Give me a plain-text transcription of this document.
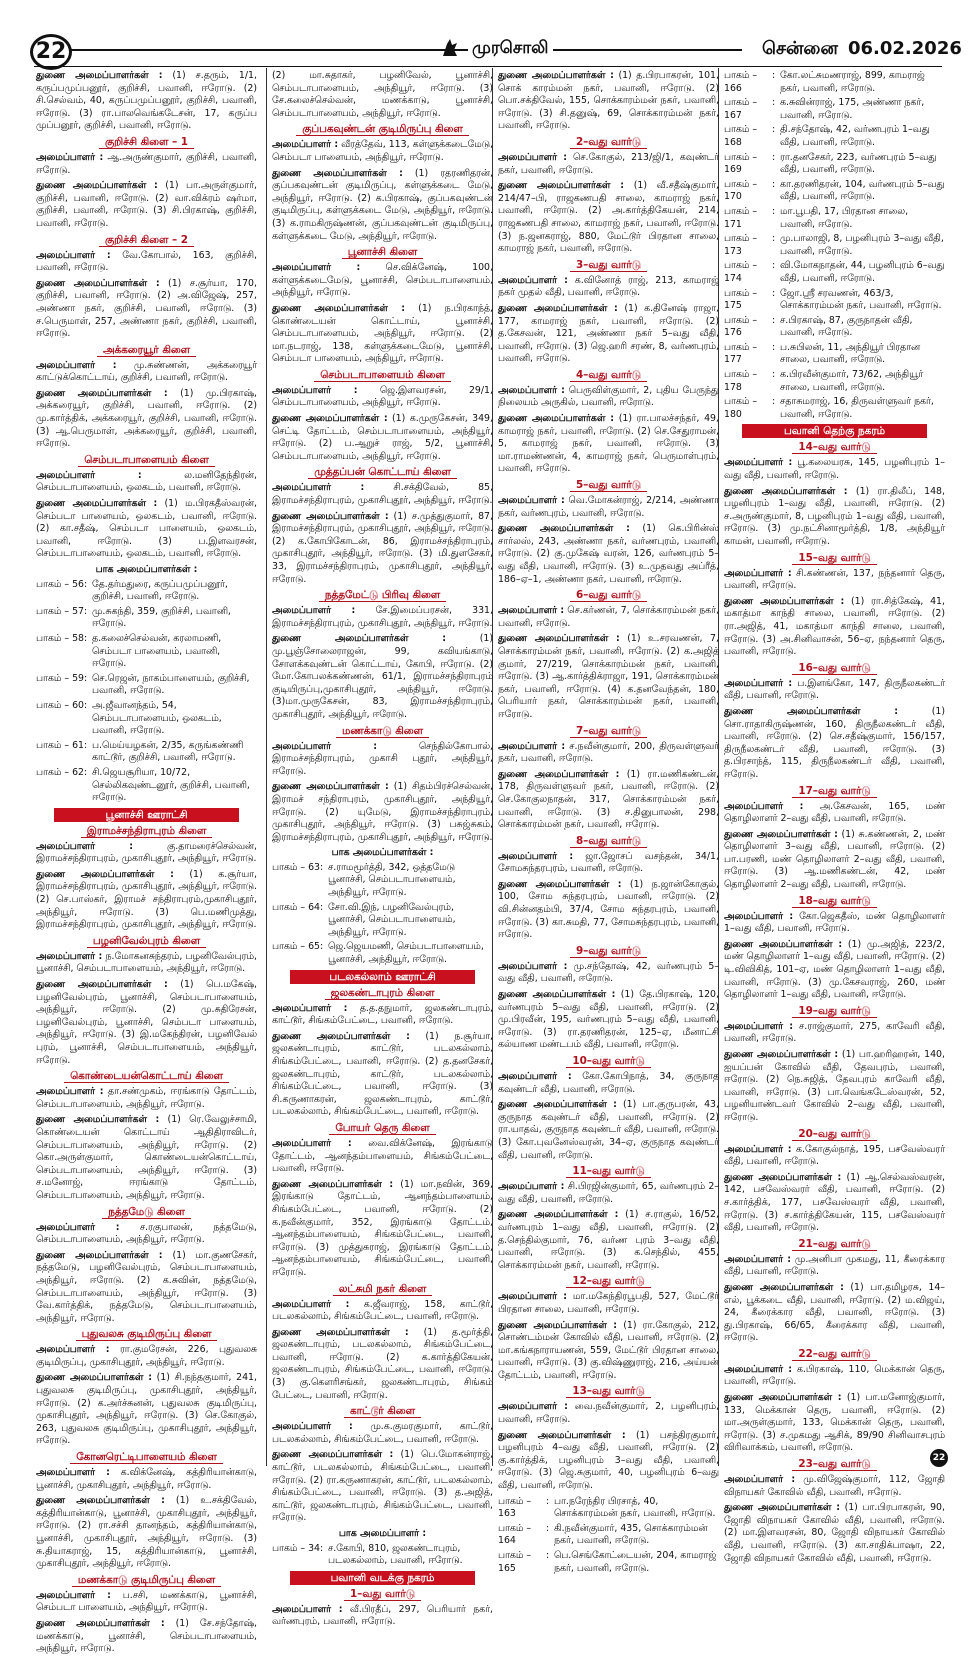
22	முரசொலி	சென்னை 06.02.2026

துணை அமைப்பாளர்கள் : (1) ச.தரும், 1/1, கருப்பமுப்பனூர், குறிச்சி, பவானி, ஈரோடு. (2) சி.செல்வம், 40, கருப்பமுப்பனூர், குறிச்சி, பவானி, ஈரோடு. (3) ரா.பாலவெங்கடேசன், 17, கருப்ப முப்பனூர், குறிச்சி, பவானி, ஈரோடு.

குறிச்சி கிளை – 1

அமைப்பாளர் : ஆ.அருண்குமார், குறிச்சி, பவானி, ஈரோடு.

துணை அமைப்பாளர்கள் : (1) பா.அருள்குமார், குறிச்சி, பவானி, ஈரோடு. (2) வா.விக்ரம் ஷர்மா, குறிச்சி, பவானி, ஈரோடு. (3) சி.பிரகாஷ், குறிச்சி, பவானி, ஈரோடு.

குறிச்சி கிளை – 2

அமைப்பாளர் : வே.கோபால், 163, குறிச்சி, பவானி, ஈரோடு.

துணை அமைப்பாளர்கள் : (1) ச.சூர்யா, 170, குறிச்சி, பவானி, ஈரோடு. (2) அ.விஜேஷ், 257, அண்ணா நகர், குறிச்சி, பவானி, ஈரோடு. (3) ச.பெருமாள், 257, அண்ணா நகர், குறிச்சி, பவானி, ஈரோடு.

அக்கரையூர் கிளை

அமைப்பாளர் : மு.சுண்ணன், அக்கரையூர் காட்டுக்கொட்டாய், குறிச்சி, பவானி, ஈரோடு.

துணை அமைப்பாளர்கள் : (1) மு.பிரகாஷ், அக்கரையூர், குறிச்சி, பவானி, ஈரோடு. (2) மு.கார்த்திக், அக்கரையூர், குறிச்சி, பவானி, ஈரோடு. (3) ஆ.பெருமாள், அக்கரையூர், குறிச்சி, பவானி, ஈரோடு.

செம்படாபாளையம் கிளை

அமைப்பாளர் :	ல.மனிதேந்திரன், செம்படாபாளையம், ஒலகடம், பவானி, ஈரோடு.

துணை அமைப்பாளர்கள் : (1) ம.பிரகதீஸ்வரன், செம்படா பாளையம், ஒலகடம், பவானி, ஈரோடு. (2) கா.சதீஷ், செம்படா பாளையம், ஒலகடம், பவானி, ஈரோடு. (3) ப.இளவரசன், செம்படாபாளையம், ஒலகடம், பவானி, ஈரோடு.

பாக அமைப்பாளர்கள் :
பாகம் – 56 : தே.தர்மதுரை, கருப்பமுப்பனூர், குறிச்சி, பவானி, ஈரோடு.
பாகம் – 57 : மு.சுகந்தி, 359, குறிச்சி, பவானி, ஈரோடு.
பாகம் – 58 : த.கலைச்செல்வன், கரலாமணி, செம்படா பாளையம், பவானி, ஈரோடு.
பாகம் – 59 : செ.ரெஜன், நாகம்பாளையம், குறிச்சி, பவானி, ஈரோடு.
பாகம் – 60 : அ.ஜீவானந்தம், 54, செம்படாபாளையம், ஒலகடம், பவானி, ஈரோடு.
பாகம் – 61 : ப.மெய்யழகன், 2/35, கருங்கண்ணி காட்டூர், குறிச்சி, பவானி, ஈரோடு.
பாகம் – 62 : சி.ஜெயசூரியா, 10/72, செல்லிகவுண்டனூர், குறிச்சி, பவானி, ஈரோடு.
பூனாச்சி ஊராட்சி
இராமச்சந்திராபுரம் கிளை

அமைப்பாளர் :	கு.தாமரைச்செல்வன், இராமச்சந்திராபுரம், முகாசிபுதூர், அந்தியூர், ஈரோடு.

துணை அமைப்பாளர்கள் : (1) க.சூர்யா, இராமச்சந்திராபுரம், முகாசிபுதூர், அந்தியூர், ஈரோடு. (2) செ.பாஸ்கர், இராமச் சந்திராபுரம்,முகாசிபுதூர், அந்தியூர், ஈரோடு. (3) பெ.மணிமுத்து, இராமச்சந்திராபுரம், முகாசிபுதூர், அந்தியூர், ஈரோடு.

பழனிவேல்புரம் கிளை

அமைப்பாளர் : ந.மோகனசுந்தரம், பழனிவேல்புரம், பூனாச்சி, செம்படாபாளையம், அந்தியூர், ஈரோடு.

துணை அமைப்பாளர்கள் : (1) பெ.மகேஷ், பழனிவேல்புரம், பூனாச்சி, செம்படாபாளையம், அந்தியூர், ஈரோடு. (2) மு.சுதிரேசன், பழனிவேல்புரம், பூனாச்சி, செம்படா பாளையம், அந்தியூர், ஈரோடு. (3) இ.மகேந்திரன், பழனிவேல் புரம், பூனாச்சி, செம்படாபாளையம், அந்தியூர், ஈரோடு.

கொண்டையன்கொட்டாய் கிளை

அமைப்பாளர் : தா.சண்முகம், ஈரங்காடு தோட்டம், செம்படாபாளையம், அந்தியூர், ஈரோடு.

துணை அமைப்பாளர்கள் : (1) ரெ.வேலுச்சாமி, கொண்டையன் கொட்டாய் ஆதிதிராவிடர், செம்படாபாளையம், அந்தியூர், ஈரோடு. (2) கொ.அருள்குமார், கொண்டையன்கொட்டாய், செம்படாபாளையம், அந்தியூர், ஈரோடு. (3) ச.மனோஜ், ஈரங்காடு தோட்டம், செம்படாபாளையம், அந்தியூர், ஈரோடு.

நத்தமேடு கிளை

அமைப்பாளர் : ச.ரகுபாலன், நத்தமேடு, செம்படாபாளையம், அந்தியூர், ஈரோடு.

துணை அமைப்பாளர்கள் : (1) மா.குணசேகர், நத்தமேடு, பழனிவேல்புரம், செம்படாபாளையம், அந்தியூர், ஈரோடு. (2) க.சுவின், நத்தமேடு, செம்படாபாளையம், அந்தியூர், ஈரோடு. (3) வே.கார்த்திக், நத்தமேடு, செம்படாபாளையம், அந்தியூர், ஈரோடு.

புதுவலசு குடிமிருப்பு கிளை

அமைப்பாளர் : ரா.குமரேசன், 226, புதுவலசு குடிமிருப்பு, முகாசிபுதூர், அந்தியூர், ஈரோடு.

துணை அமைப்பாளர்கள் : (1) சி.நந்தகுமார், 241, புதுவலசு குடிமிருப்பு, முகாசிபுதூர், அந்தியூர், ஈரோடு. (2) க.அர்ச்சுனன், புதுவலசு குடிமிருப்பு, முகாசிபுதூர், அந்தியூர், ஈரோடு. (3) செ.கோகுல், 263, புதுவலசு குடிமிருப்பு, முகாசிபுதூர், அந்தியூர், ஈரோடு.

கோனரெட்டிபாளையம் கிளை

அமைப்பாளர் : க.விக்னேஷ், கத்திரியான்காடு, பூனாச்சி, முகாசிபுதூர், அந்தியூர், ஈரோடு.

துணை அமைப்பாளர்கள் : (1) உ.சக்திவேல், கத்திரியான்காடு, பூனாச்சி, முகாசிபுதூர், அந்தியூர், ஈரோடு. (2) ரா.சச்சி தானந்தம், கத்திரியான்காடு, பூனாச்சி, முகாசிபுதூர், அந்தியூர், ஈரோடு. (3) சு.தியாகராஜ், 15, கத்திரியான்காடு, பூனாச்சி, முகாசிபுதூர், அந்தியூர், ஈரோடு.

மணக்காடு குடிமிருப்பு கிளை

அமைப்பாளர் : ப.சசி, மணக்காடு, பூனாச்சி, செம்படா பாளையம், அந்தியூர், ஈரோடு.

துணை அமைப்பாளர்கள் : (1) சே.சந்தோஷ், மணக்காடு, பூனாச்சி, செம்படாபாளையம், அந்தியூர், ஈரோடு.

(2) மா.சுதாகர், பழனிவேல், பூனாச்சி, செம்படாபாளையம், அந்தியூர், ஈரோடு. (3) சே.கலைச்செல்வன், மணக்காடு, பூனாச்சி, செம்படாபாளையம், அந்தியூர், ஈரோடு.

குப்பகவுண்டன் குடிமிருப்பு கிளை

அமைப்பாளர் : வீரத்தேவ், 113, கள்ளுக்கடைமேடு, செம்படா பாளையம், அந்தியூர், ஈரோடு.

துணை அமைப்பாளர்கள் : (1) ரதரணிதரன், குப்பகவுண்டன் குடிமிருப்பு, கள்ளுக்கடை மேடு, அந்தியூர், ஈரோடு. (2) க.பிரகாஷ், குப்பகவுண்டன் குடிமிருப்பு, கள்ளுக்கடை மேடு, அந்தியூர், ஈரோடு. (3) க.ராமகிருஷ்ணன், குப்பகவுண்டன் குடிமிருப்பு, கள்ளுக்கடை மேடு, அந்தியூர், ஈரோடு.

பூனாச்சி கிளை

அமைப்பாளர் :	செ.விக்னேஷ், 100, கள்ளுக்கடைமேடு, பூனாச்சி, செம்படாபாளையம், அந்தியூர், ஈரோடு.

துணை அமைப்பாளர்கள் : (1) ந.பிரகாந்த், கொண்டையன் கொட்டாய், பூனாச்சி, செம்படாபாளையம், அந்தியூர், ஈரோடு. (2) மா.நடராஜ், 138, கள்ளுக்கடைமேடு, பூனாச்சி, செம்படா பாளையம், அந்தியூர், ஈரோடு.

செம்படாபாளையம் கிளை

அமைப்பாளர் : ஜெ.இளவரசன், 29/1, செம்படாபாளையம், அந்தியூர், ஈரோடு.

துணை அமைப்பாளர்கள் : (1) க.முருகேசன், 349, செட்டி தோட்டம், செம்படாபாளையம், அந்தியூர், ஈரோடு. (2) ப.ஆறுச் ராஜ், 5/2, பூனாச்சி, செம்படாபாளையம், அந்தியூர், ஈரோடு.

முத்தப்பன் கொட்டாய் கிளை

அமைப்பாளர் :	சி.சக்திவேல், 85, இராமச்சந்திராபுரம், முகாசிபுதூர், அந்தியூர், ஈரோடு.

துணை அமைப்பாளர்கள் : (1) ச.முத்துகுமார், 87, இராமச்சந்திராபுரம், முகாசிபுதூர், அந்தியூர், ஈரோடு. (2) க.கோபிகோடன், 86, இராமச்சந்திராபுரம், முகாசிபுதூர், அந்தியூர், ஈரோடு. (3) மி.துளசேகர், 33, இராமச்சந்திராபுரம், முகாசிபுதூர், அந்தியூர், ஈரோடு.

நத்தமேட்டு பிரிவு கிளை

அமைப்பாளர் : சே.இமைப்பரசன், 331, இராமச்சந்திராபுரம், முகாசிபுதூர், அந்தியூர், ஈரோடு.

துணை அமைப்பாளர்கள் :	(1) மு.பூஞ்சோலைராஜன், 99, கவியங்காடு, சோளக்கவுண்டன் கொட்டாய், கோபி, ஈரோடு. (2) மோ.கோபலக்கண்ணன், 61/1, இராமச்சந்திராபுரம் குடியிருப்பு,முகாசிபுதூர், அந்தியூர், ஈரோடு. (3)மா.முருகேசன், 83, இராமச்சந்திராபுரம், முகாசிபுதூர், அந்தியூர், ஈரோடு.

மணக்காடு கிளை

அமைப்பாளர் :	செந்தில்கோபால், இராமச்சந்திராபுரம், முகாசி புதூர், அந்தியூர், ஈரோடு.

துணை அமைப்பாளர்கள் : (1) சிதம்பிரச்செல்வன், இராமச் சந்திராபுரம், முகாசிபுதூர், அந்தியூர், ஈரோடு. (2) யுமேடு, இராமச்சந்திராபுரம், முகாசிபுதூர், அந்தியூர், ஈரோடு. (3) பசுஜ்சுகம், இராமச்சந்திராபுரம், முகாசிபுதூர், அந்தியூர், ஈரோடு.

பாக அமைப்பாளர்கள் :
பாகம் – 63 : ச.ராமமூர்த்தி, 342, ஒத்தமேடு பூனாச்சி, செம்படாபாளையம், அந்தியூர், ஈரோடு.
பாகம் – 64 : சோ.வி.இந், பழனிவேல்புரம், பூனாச்சி, செம்படாபாளையம், அந்தியூர், ஈரோடு.
பாகம் – 65 : ஜெ.ஜெயமணி, செம்படாபாளையம், பூனாச்சி, அந்தியூர், ஈரோடு.
படலகல்லாம் ஊராட்சி
ஜலகண்டாபுரம் கிளை

அமைப்பாளர் : த.த.தநுமார், ஜலகண்டாபுரம், காட்டூர், சிங்கம்பேட்டை, பவானி, ஈரோடு.

துணை அமைப்பாளர்கள் : (1) ந.சூர்யா, ஜலகண்டாபுரம், காட்டூர், படலகல்லாம், சிங்கம்பேட்டை, பவானி, ஈரோடு. (2) த.தனசேகர், ஜலகண்டாபுரம், காட்டூர், படலகல்லாம், சிங்கம்பேட்டை, பவானி, ஈரோடு. (3) சி.கருணாகரன், ஜலகண்டாபுரம், காட்டூர், படலகல்லாம், சிங்கம்பேட்டை, பவானி, ஈரோடு.

போயர் தெரு கிளை

அமைப்பாளர் : வை.விக்னேஷ், இரங்காடு தோட்டம், ஆனந்தம்பாளையம், சிங்கம்பேட்டை, பவானி, ஈரோடு.

துணை அமைப்பாளர்கள் : (1) மா.நவின், 369, இரங்காடு தோட்டம், ஆனந்தம்பாளையம், சிங்கம்பேட்டை, பவானி, ஈரோடு. (2) க.நவீன்குமார், 352, இரங்காடு தோட்டம், ஆனந்தம்பாளையம், சிங்கம்பேட்டை, பவானி, ஈரோடு. (3) முத்துசுராஜ், இரங்காடு தோட்டம், ஆனந்தம்பாளையம், சிங்கம்பேட்டை, பவானி, ஈரோடு.

லட்சுமி நகர் கிளை

அமைப்பாளர் : க.ஜீவராஜ், 158, காட்டூர், படலகல்லாம், சிங்கம்பேட்டை, பவானி, ஈரோடு.

துணை அமைப்பாளர்கள் : (1) த.மூர்த்தி, ஜலகண்டாபுரம், படலகல்லாம், சிங்கம்பேட்டை, பவானி, ஈரோடு. (2) க.கார்த்திகேயன், ஜலகண்டாபுரம், சிங்கம்பேட்டை, பவானி, ஈரோடு. (3) கு.கௌரிசங்கர், ஜலகண்டாபுரம், சிங்கம் பேட்டை, பவானி, ஈரோடு.

காட்டூர் கிளை

அமைப்பாளர் : மு.க.குமரகுமார், காட்டூர், படலகல்லாம், சிங்கம்பேட்டை, பவானி, ஈரோடு.

துணை அமைப்பாளர்கள் : (1) பெ.மோகன்ராஜ், காட்டூர், படலகல்லாம், சிங்கம்பேட்டை, பவானி, ஈரோடு. (2) ரா.கருணாகரன், காட்டூர், படலகல்லாம், சிங்கம்பேட்டை, பவானி, ஈரோடு. (3) த.அஜித், காட்டூர், ஜலகண்டாபுரம், சிங்கம்பேட்டை, பவானி, ஈரோடு.

பாக அமைப்பாளர் :
பாகம் – 34 : ச.கோபி, 810, ஜலகண்டாபுரம், படலகல்லாம், பவானி, ஈரோடு.
பவானி வடக்கு நகரம்
1–வது வார்டு

அமைப்பாளர் : வீ.பிரதீப், 297, பெரியார் நகர், வர்ணபுரம், பவானி, ஈரோடு.

துணை அமைப்பாளர்கள் : (1) த.பிரபாகரன், 101, சொக் காரம்மன் நகர், பவானி, ஈரோடு. (2) பொ.சக்திவேல், 155, சொக்காரம்மன் நகர், பவானி, ஈரோடு. (3) சி.தனுஷ், 69, சொக்காரம்மன் நகர், பவானி, ஈரோடு.

2–வது வார்டு

அமைப்பாளர் : செ.கோகுல், 213/ஜி/1, கவுண்டர் நகர், பவானி, ஈரோடு.

துணை அமைப்பாளர்கள் : (1) வீ.சதீஷ்குமார், 214/47–பி, ராஜகணபதி சாலை, காமராஜ் நகர், பவானி, ஈரோடு. (2) அ.கார்த்திகேயன், 214, ராஜகணபதி சாலை, காமராஜ் நகர், பவானி, ஈரோடு. (3) ந.ஜனகராஜ், 880, மேட்டூர் பிரதான சாலை, காமராஜ் நகர், பவானி, ஈரோடு.

3–வது வார்டு

அமைப்பாளர் : க.வினோத் ராஜ், 213, காமராஜ் நகர் முதல் வீதி, பவானி, ஈரோடு.

துணை அமைப்பாளர்கள் : (1) க.தினேஷ் ராஜா, 177, காமராஜ் நகர், பவானி, ஈரோடு. (2) த.கேசவன், 121, அண்ணா நகர் 5–வது வீதி, பவானி, ஈரோடு. (3) ஜெ.ஹரி சரண், 8, வர்ணபுரம், பவானி, ஈரோடு.

4–வது வார்டு

அமைப்பாளர் : பெருவிள்குமார், 2, புதிய பேருந்து நிலையம் அருகில், பவானி, ஈரோடு.

துணை அமைப்பாளர்கள் : (1) ரா.பாலச்சந்தர், 49, காமராஜ் நகர், பவானி, ஈரோடு. (2) செ.சேதுராமன், 5, காமராஜ் நகர், பவானி, ஈரோடு. (3) மா.ராமண்ணன், 4, காமராஜ் நகர், பெருமாள்புரம், பவானி, ஈரோடு.

5–வது வார்டு

அமைப்பாளர் : வெ.மோகன்ராஜ், 2/214, அண்ணா நகர், வர்ணபுரம், பவானி, ஈரோடு.

துணை அமைப்பாளர்கள் : (1) கெ.பிரின்ஸ் சார்லஸ், 243, அண்ணா நகர், வர்ணபுரம், பவானி, ஈரோடு. (2) கு.முகேஷ் வரன், 126, வர்ணபுரம் 5–வது வீதி, பவானி, ஈரோடு. (3) உ.முதவது அப்ரீத், 186–ஏ–1, அண்ணா நகர், பவானி, ஈரோடு.

6–வது வார்டு

அமைப்பாளர் : செ.கர்ணன், 7, சொக்காரம்மன் நகர், பவானி, ஈரோடு.

துணை அமைப்பாளர்கள் : (1) உ.சரவணன், 7, சொக்காரம்மன் நகர், பவானி, ஈரோடு. (2) க.அஜித் குமார், 27/219, சொக்காரம்மன் நகர், பவானி, ஈரோடு. (3) ஆ.கார்த்திக்ராஜா, 191, சொக்காரம்மன் நகர், பவானி, ஈரோடு. (4) க.தனவேந்தன், 180, பெரியார் நகர், சொக்காரம்மன் நகர், பவானி, ஈரோடு.

7–வது வார்டு

அமைப்பாளர் : ச.நவீன்குமார், 200, திருவள்ளுவர் நகர், பவானி, ஈரோடு.

துணை அமைப்பாளர்கள் : (1) ரா.மணிகண்டன், 178, திருவள்ளுவர் நகர், பவானி, ஈரோடு. (2) செ.கோகுலநாதன், 317, சொக்காரம்மன் நகர், பவானி, ஈரோடு. (3) ச.தினுபாலன், 298, சொக்காரம்மன் நகர், பவானி, ஈரோடு.

8–வது வார்டு

அமைப்பாளர் : ஜா.ஜோசப் வசந்தன், 34/1, சோமசுந்தரபுரம், பவானி, ஈரோடு.

துணை அமைப்பாளர்கள் : (1) ந.ஜான்கோகுல், 100, சோம சுந்தரபுரம், பவானி, ஈரோடு. (2) வி.சின்னதம்பி, 37/4, சோம சுந்தரபுரம், பவானி, ஈரோடு. (3) கா.சுமதி, 77, சோமசுந்தரபுரம், பவானி, ஈரோடு.

9–வது வார்டு

அமைப்பாளர் : மு.சந்தோஷ், 42, வர்ணபுரம் 5–வது வீதி, பவானி, ஈரோடு.

துணை அமைப்பாளர்கள் : (1) தே.பிரகாஷ், 120, வர்ணபுரம் 5–வது வீதி, பவானி, ஈரோடு. (2) மு.பிரவீன், 195, வர்ணபுரம் 5–வது வீதி, பவானி, ஈரோடு. (3) ரா.தரணிதரன், 125–ஏ, மீனாட்சி கல்யாண மண்டபம் வீதி, பவானி, ஈரோடு.

10–வது வார்டு

அமைப்பாளர் : கோ.கோபிநாத், 34, குருநாத கவுண்டர் வீதி, பவானி, ஈரோடு.

துணை அமைப்பாளர்கள் : (1) பா.குருபரன், 43, குருநாத கவுண்டர் வீதி, பவானி, ஈரோடு. (2) ரா.யாதவ், குருநாத கவுண்டர் வீதி, பவானி, ஈரோடு. (3) கோ.புவனேஸ்வரன், 34–ஏ, குருநாத கவுண்டர் வீதி, பவானி, ஈரோடு.

11–வது வார்டு

அமைப்பாளர் : சி.பிரஜின்குமார், 65, வர்ணபுரம் 2–வது வீதி, பவானி, ஈரோடு.

துணை அமைப்பாளர்கள் : (1) ச.ராகுல், 16/52, வர்ணபுரம் 1–வது வீதி, பவானி, ஈரோடு. (2) த.செந்தில்குமார், 76, வர்ண புரம் 3–வது வீதி, பவானி, ஈரோடு. (3) க.செந்தில், 455, சொக்காரம்மன் நகர், பவானி, ஈரோடு.

12–வது வார்டு

அமைப்பாளர் : மா.மகேந்திரபூபதி, 527, மேட்டூர் பிரதான சாலை, பவானி, ஈரோடு.

துணை அமைப்பாளர்கள் : (1) ரா.கோகுல், 212, சொண்டம்மன் கோவில் வீதி, பவானி, ஈரோடு. (2) மா.கங்கநாராயணன், 559, மேட்டூர் பிரதான சாலை, பவானி, ஈரோடு. (3) கு.விஷ்ணுராஜ், 216, அய்யன் தோட்டம், பவானி, ஈரோடு.

13–வது வார்டு

அமைப்பாளர் : வை.நவீன்குமார், 2, பழனிபுரம், பவானி, ஈரோடு.

துணை அமைப்பாளர்கள் : (1) பசந்திரகுமார், பழனிபுரம் 4–வது வீதி, பவானி, ஈரோடு. (2) கு.கார்த்திக், பழனிபுரம் 3–வது வீதி, பவானி, ஈரோடு. (3) ஜெ.சுகுமார், 40, பழனிபுரம் 6–வது வீதி, பவானி, ஈரோடு.

பாகம் – 163
: பா.நரேந்திர பிரசாத், 40, சொக்காரம்மன் நகர், பவானி, ஈரோடு.
பாகம் – 164
: கி.நவீன்குமார், 435, சொக்காரம்மன் நகர், பவானி, ஈரோடு.
பாகம் – 165
: பெ.செங்கோட்டையன், 204, காமராஜ் நகர், பவானி, ஈரோடு.
பாகம் – 166
: கோ.லட்சுமணராஜ், 899, காமராஜ் நகர், பவானி, ஈரோடு.
பாகம் – 167
: க.சுவின்ராஜ், 175, அண்ணா நகர், பவானி, ஈரோடு.
பாகம் – 168
: தி.சந்தோஷ், 42, வர்ணபுரம் 1–வது வீதி, பவானி, ஈரோடு.
பாகம் – 169
: ரா.தனசேகர், 223, வர்ணபுரம் 5–வது வீதி, பவானி, ஈரோடு.
பாகம் – 170
: கா.தரணிதரன், 104, வர்ணபுரம் 5–வது வீதி, பவானி, ஈரோடு.
பாகம் – 171
: மா.பூபதி, 17, பிரதான சாலை, பவானி, ஈரோடு.
பாகம் – 173
: மு.பாலாஜி, 8, பழனிபுரம் 3–வது வீதி, பவானி, ஈரோடு.
பாகம் – 174
: வி.மோகநாதன், 44, பழனிபுரம் 6–வது வீதி, பவானி, ஈரோடு.
பாகம் – 175
: ஜோ.ஸ்ரீ சரவணன், 463/3, சொக்காரம்மன் நகர், பவானி, ஈரோடு.
பாகம் – 176
: ச.பிரகாஷ், 87, குருநாதன் வீதி, பவானி, ஈரோடு.
பாகம் – 177
: ப.சுபிலன், 11, அந்தியூர் பிரதான சாலை, பவானி, ஈரோடு.
பாகம் – 178
: க.பிரவீன்குமார், 73/62, அந்தியூர் சாலை, பவானி, ஈரோடு.
பாகம் – 180
: சதாசுமராஜ், 16, திருவள்ளுவர் நகர், பவானி, ஈரோடு.
பவானி தெற்கு நகரம்
14–வது வார்டு

அமைப்பாளர் : பூ.கலையரசு, 145, பழனிபுரம் 1–வது வீதி, பவானி, ஈரோடு.

துணை அமைப்பாளர்கள் : (1) ரா.திலீப், 148, பழனிபுரம் 1–வது வீதி, பவானி, ஈரோடு. (2) ச.அருண்குமார், 8, பழனிபுரம் 1–வது வீதி, பவானி, ஈரோடு. (3) மு.நட்சினாமூர்த்தி, 1/8, அந்தியூர் காமன், பவானி, ஈரோடு.

15–வது வார்டு

அமைப்பாளர் : சி.கண்ணன், 137, நந்தனார் தெரு, பவானி, ஈரோடு.

துணை அமைப்பாளர்கள் : (1) ரா.சித்கேஷ், 41, மகாத்மா காந்தி சாலை, பவானி, ஈரோடு. (2) ரா.அஜித், 41, மகாத்மா காந்தி சாலை, பவானி, ஈரோடு. (3) அ.சினிவாசன், 56–ஏ, நந்தனார் தெரு, பவானி, ஈரோடு.

16–வது வார்டு

அமைப்பாளர் : ப.இளங்கோ, 147, திருநீலகண்டர் வீதி, பவானி, ஈரோடு.

துணை அமைப்பாளர்கள் :	(1) சொ.ராதாகிருஷ்ணன், 160, திருநீலகண்டர் வீதி, பவானி, ஈரோடு. (2) செ.சதீஷ்குமார், 156/157, திருநீலகண்டர் வீதி, பவானி, ஈரோடு. (3) த.பிரசாந்த், 115, திருநீலகண்டர் வீதி, பவானி, ஈரோடு.

17–வது வார்டு

அமைப்பாளர் : அ.கேசவன், 165, மண் தொழிலாளர் 2–வது வீதி, பவானி, ஈரோடு.

துணை அமைப்பாளர்கள் : (1) சு.கண்ணன், 2, மண் தொழிலாளர் 3–வது வீதி, பவானி, ஈரோடு. (2) பா.பரணி, மண் தொழிலாளர் 2–வது வீதி, பவானி, ஈரோடு. (3) ஆ.மணிகண்டன், 42, மண் தொழிலாளர் 2–வது வீதி, பவானி, ஈரோடு.

18–வது வார்டு

அமைப்பாளர் : கோ.ஜெகதீஸ், மண் தொழிலாளர் 1–வது வீதி, பவானி, ஈரோடு.

துணை அமைப்பாளர்கள் : (1) மு.அஜித், 223/2, மண் தொழிலாளர் 1–வது வீதி, பவானி, ஈரோடு. (2) டி.விவிகித், 101–ஏ, மண் தொழிலாளர் 1–வது வீதி, பவானி, ஈரோடு. (3) மு.கேசவராஜ், 260, மண் தொழிலாளர் 1–வது வீதி, பவானி, ஈரோடு.

19–வது வார்டு

அமைப்பாளர் : ச.ராஜ்குமார், 275, காவேரி வீதி, பவானி, ஈரோடு.

துணை அமைப்பாளர்கள் : (1) பா.ஹரிஹரன், 140, ஐயப்பன் கோவில் வீதி, தேவபுரம், பவானி, ஈரோடு. (2) நெ.சுஜித், தேவபுரம் காவேரி வீதி, பவானி, ஈரோடு. (3) பா.வெங்கடேஸ்வரன், 52, பழனியாண்டவர் கோவில் 2–வது வீதி, பவானி, ஈரோடு.

20–வது வார்டு

அமைப்பாளர் : க.கோகுல்நாத், 195, பசவேஸ்வரர் வீதி, பவானி, ஈரோடு.

துணை அமைப்பாளர்கள் : (1) ஆ.செல்வஸ்வரன், 142, பசவேஸ்வரர் வீதி, பவானி, ஈரோடு. (2) ச.கார்த்திக், 177, பசவேஸ்வரர் வீதி, பவானி, ஈரோடு. (3) ச.கார்த்திகேயன், 115, பசவேஸ்வரர் வீதி, பவானி, ஈரோடு.

21–வது வார்டு

அமைப்பாளர் : மு.அனிபா முகமது, 11, கீரைக்கார வீதி, பவானி, ஈரோடு.

துணை அமைப்பாளர்கள் : (1) பா.தமிழரசு, 14–எல், பூக்கடை வீதி, பவானி, ஈரோடு. (2) ம.விஜய், 24, கீரைக்கார வீதி, பவானி, ஈரோடு. (3) து.பிரகாஷ், 66/65, கீரைக்கார வீதி, பவானி, ஈரோடு.

22–வது வார்டு

அமைப்பாளர் : க.பிரகாஷ், 110, மெக்கான் தெரு, பவானி, ஈரோடு.

துணை அமைப்பாளர்கள் : (1) பா.மனோஜ்குமார், 133, மெக்கான் தெரு, பவானி, ஈரோடு. (2) மா.அருள்குமார், 133, மெக்கான் தெரு, பவானி, ஈரோடு. (3) ச.முகமது ஆசிக், 89/90 சினிவாசபுரம் விரிவாக்கம், பவானி, ஈரோடு.

23–வது வார்டு

அமைப்பாளர் : மு.விஜேஷ்குமார், 112, ஜோதி விநாயகர் கோவில் வீதி, பவானி, ஈரோடு.

துணை அமைப்பாளர்கள் : (1) பா.பிரபாகரன், 90, ஜோதி விநாயகர் கோவில் வீதி, பவானி, ஈரோடு. (2) மா.இளவரசன், 80, ஜோதி விநாயகர் கோவில் வீதி, பவானி, ஈரோடு. (3) கா.சாதிக்பாஷா, 22, ஜோதி விநாயகர் கோவில் வீதி, பவானி, ஈரோடு.

22
